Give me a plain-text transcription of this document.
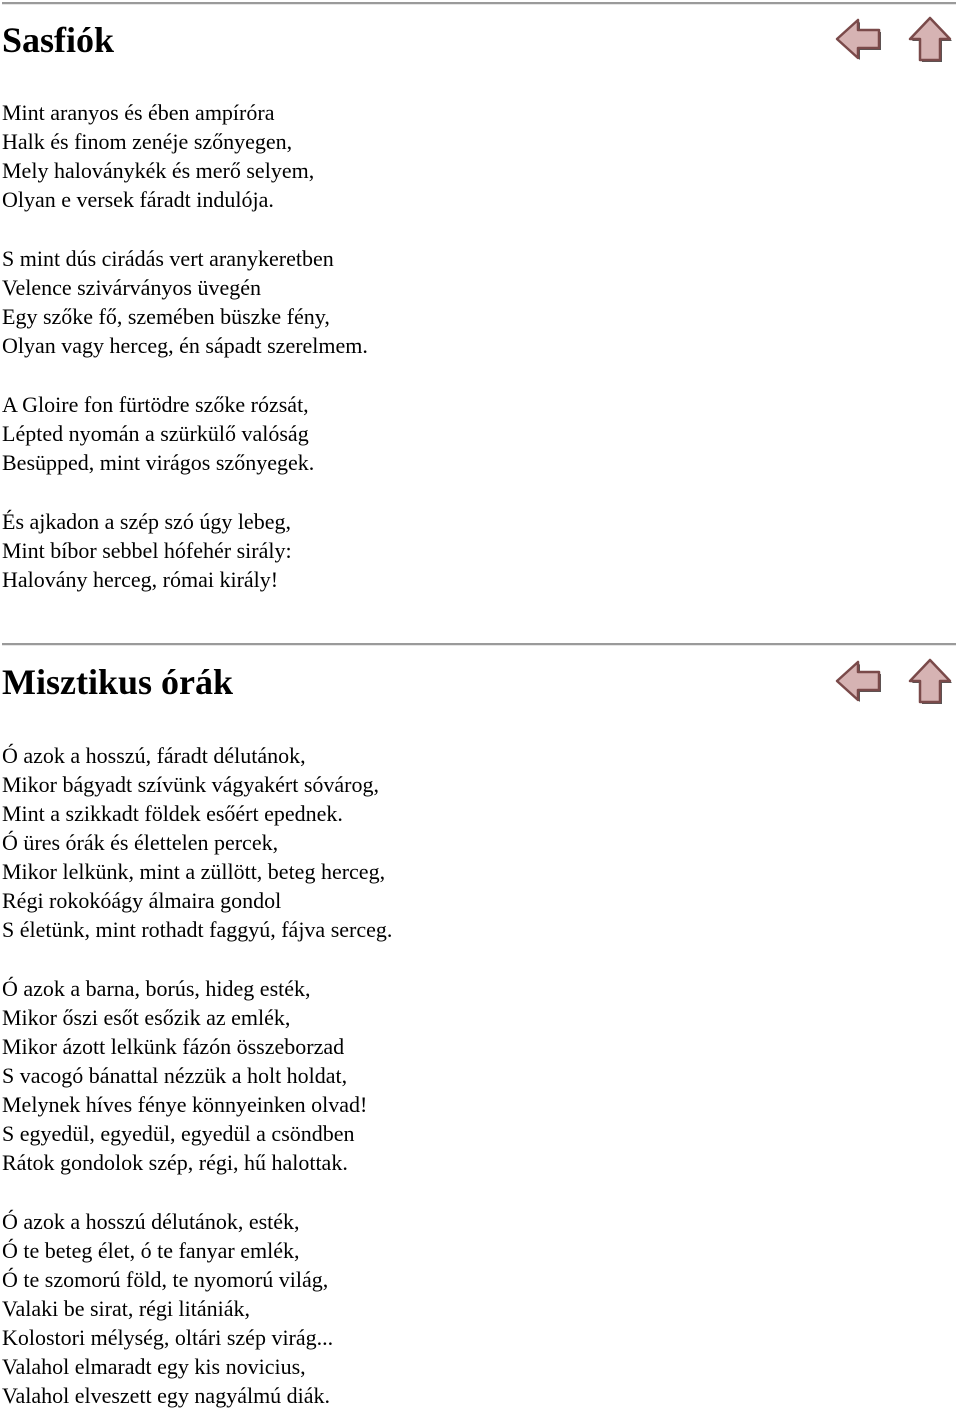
Sasfiók
Mint aranyos és ében ampíróra
Halk és finom zenéje szőnyegen,
Mely haloványkék és merő selyem,
Olyan e versek fáradt indulója.
S mint dús cirádás vert aranykeretben
Velence szivárványos üvegén
Egy szőke fő, szemében büszke fény,
Olyan vagy herceg, én sápadt szerelmem.
A Gloire fon fürtödre szőke rózsát,
Lépted nyomán a szürkülő valóság
Besüpped, mint virágos szőnyegek.
És ajkadon a szép szó úgy lebeg,
Mint bíbor sebbel hófehér sirály:
Halovány herceg, római király!
Misztikus órák
Ó azok a hosszú, fáradt délutánok,
Mikor bágyadt szívünk vágyakért sóvárog,
Mint a szikkadt földek esőért epednek.
Ó üres órák és élettelen percek,
Mikor lelkünk, mint a züllött, beteg herceg,
Régi rokokóágy álmaira gondol
S életünk, mint rothadt faggyú, fájva serceg.
Ó azok a barna, borús, hideg esték,
Mikor őszi esőt esőzik az emlék,
Mikor ázott lelkünk fázón összeborzad
S vacogó bánattal nézzük a holt holdat,
Melynek híves fénye könnyeinken olvad!
S egyedül, egyedül, egyedül a csöndben
Rátok gondolok szép, régi, hű halottak.
Ó azok a hosszú délutánok, esték,
Ó te beteg élet, ó te fanyar emlék,
Ó te szomorú föld, te nyomorú világ,
Valaki be sirat, régi litániák,
Kolostori mélység, oltári szép virág...
Valahol elmaradt egy kis novicius,
Valahol elveszett egy nagyálmú diák.
